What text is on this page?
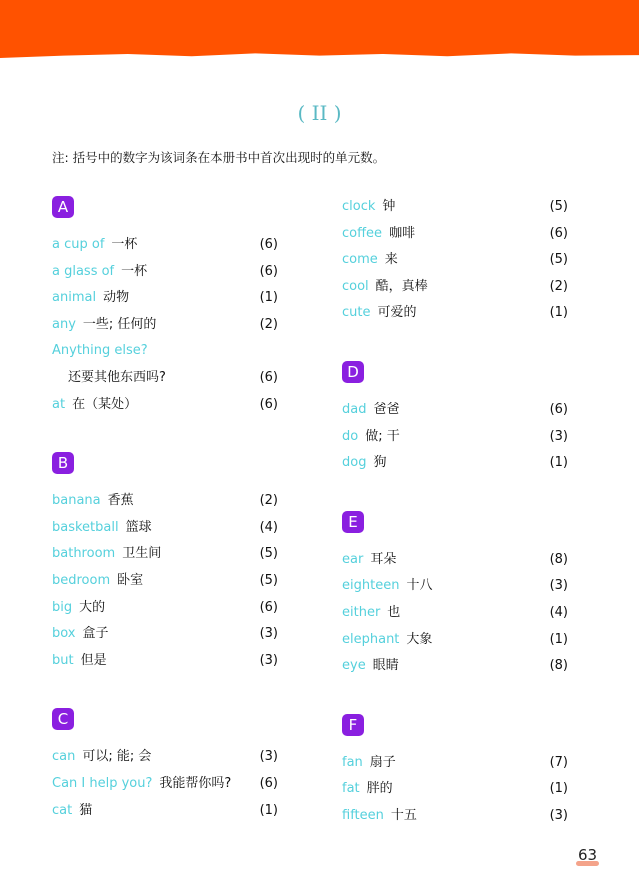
( II )
注: 括号中的数字为该词条在本册书中首次出现时的单元数。
A
a cup of 一杯	(6)
a glass of 一杯	(6)
animal 动物	(1)
any 一些; 任何的	(2)
Anything else?
还要其他东西吗?	(6)
at 在（某处）	(6)
B
banana 香蕉	(2)
basketball 篮球	(4)
bathroom 卫生间	(5)
bedroom 卧室	(5)
big 大的	(6)
box 盒子	(3)
but 但是	(3)
C
can 可以; 能; 会	(3)
Can I help you? 我能帮你吗? (6)
cat 猫	(1)
clock 钟	(5)
coffee 咖啡	(6)
come 来	(5)
cool 酷，真棒	(2)
cute 可爱的	(1)
D
dad 爸爸	(6)
do 做; 干	(3)
dog 狗	(1)
E
ear 耳朵	(8)
eighteen 十八	(3)
either 也	(4)
elephant 大象	(1)
eye 眼睛	(8)
F
fan 扇子	(7)
fat 胖的	(1)
fifteen 十五	(3)
63
